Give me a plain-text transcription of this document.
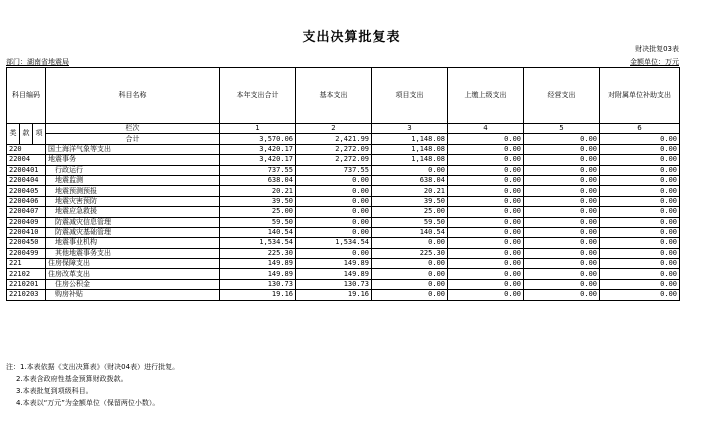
支出决算批复表
财决批复03表
部门：湖南省地震局	金额单位：万元
科目编码			科目名称	本年支出合计	基本支出	项目支出	上缴上级支出	经营支出	对附属单位补助支出
类	款	项	栏次	1	2	3	4	5	6
			合计	3,570.06	2,421.99	1,148.08	0.00	0.00	0.00
220			国土海洋气象等支出	3,420.17	2,272.09	1,148.08	0.00	0.00	0.00
22004			地震事务	3,420.17	2,272.09	1,148.08	0.00	0.00	0.00
2200401			行政运行	737.55	737.55	0.00	0.00	0.00	0.00
2200404			地震监测	638.04	0.00	638.04	0.00	0.00	0.00
2200405			地震预测预报	20.21	0.00	20.21	0.00	0.00	0.00
2200406			地震灾害预防	39.50	0.00	39.50	0.00	0.00	0.00
2200407			地震应急救援	25.00	0.00	25.00	0.00	0.00	0.00
2200409			防震减灾信息管理	59.50	0.00	59.50	0.00	0.00	0.00
2200410			防震减灾基础管理	140.54	0.00	140.54	0.00	0.00	0.00
2200450			地震事业机构	1,534.54	1,534.54	0.00	0.00	0.00	0.00
2200499			其他地震事务支出	225.30	0.00	225.30	0.00	0.00	0.00
221			住房保障支出	149.89	149.89	0.00	0.00	0.00	0.00
22102			住房改革支出	149.89	149.89	0.00	0.00	0.00	0.00
2210201			住房公积金	130.73	130.73	0.00	0.00	0.00	0.00
2210203			购房补贴	19.16	19.16	0.00	0.00	0.00	0.00
注：1.本表依据《支出决算表》（财决04表）进行批复。
2.本表含政府性基金预算财政拨款。
3.本表批复到项级科目。
4.本表以“万元”为金额单位（保留两位小数）。
